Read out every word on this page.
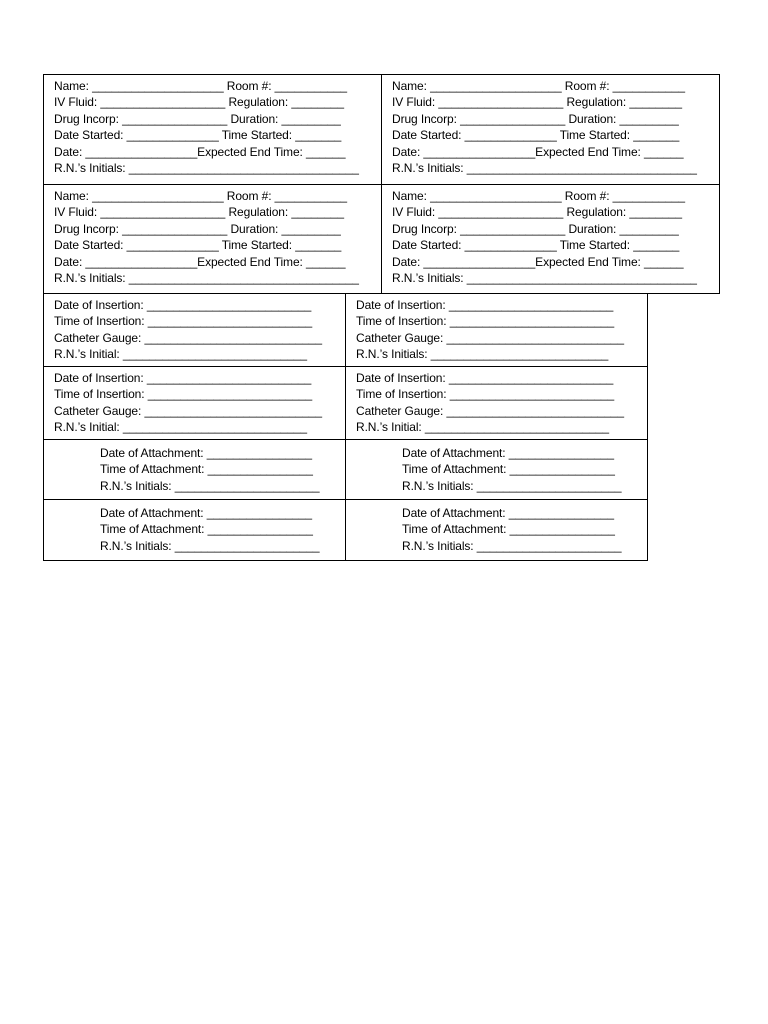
Name: ____________________ Room #: ___________
IV Fluid: ___________________ Regulation: ________
Drug Incorp: ________________ Duration: _________
Date Started: ______________ Time Started: _______
Date: _________________Expected End Time: ______
R.N.’s Initials: ___________________________________
Name: ____________________ Room #: ___________
IV Fluid: ___________________ Regulation: ________
Drug Incorp: ________________ Duration: _________
Date Started: ______________ Time Started: _______
Date: _________________Expected End Time: ______
R.N.’s Initials: ___________________________________
Name: ____________________ Room #: ___________
IV Fluid: ___________________ Regulation: ________
Drug Incorp: ________________ Duration: _________
Date Started: ______________ Time Started: _______
Date: _________________Expected End Time: ______
R.N.’s Initials: ___________________________________
Name: ____________________ Room #: ___________
IV Fluid: ___________________ Regulation: ________
Drug Incorp: ________________ Duration: _________
Date Started: ______________ Time Started: _______
Date: _________________Expected End Time: ______
R.N.’s Initials: ___________________________________
Date of Insertion: _________________________
Time of Insertion: _________________________
Catheter Gauge: ___________________________
R.N.’s Initial: ____________________________
Date of Insertion: _________________________
Time of Insertion: _________________________
Catheter Gauge: ___________________________
R.N.’s Initials: ___________________________
Date of Insertion: _________________________
Time of Insertion: _________________________
Catheter Gauge: ___________________________
R.N.’s Initial: ____________________________
Date of Insertion: _________________________
Time of Insertion: _________________________
Catheter Gauge: ___________________________
R.N.’s Initial: ____________________________
Date of Attachment: ________________
Time of Attachment: ________________
R.N.’s Initials: ______________________
Date of Attachment: ________________
Time of Attachment: ________________
R.N.’s Initials: ______________________
Date of Attachment: ________________
Time of Attachment: ________________
R.N.’s Initials: ______________________
Date of Attachment: ________________
Time of Attachment: ________________
R.N.’s Initials: ______________________
